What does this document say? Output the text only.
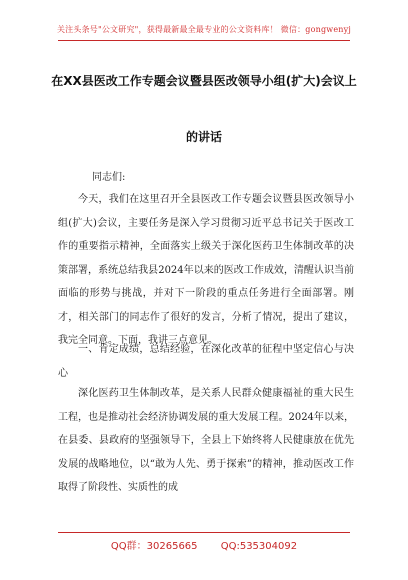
关注头条号"公文研究"，获得最新最全最专业的公文资料库！ 微信：gongwenyj
在XX县医改工作专题会议暨县医改领导小组(扩大)会议上
的讲话
同志们:
今天，我们在这里召开全县医改工作专题会议暨县医改领导小组(扩大)会议，主要任务是深入学习贯彻习近平总书记关于医改工作的重要指示精神，全面落实上级关于深化医药卫生体制改革的决策部署，系统总结我县2024年以来的医改工作成效，清醒认识当前面临的形势与挑战，并对下一阶段的重点任务进行全面部署。刚才，相关部门的同志作了很好的发言，分析了情况，提出了建议，我完全同意。下面，我讲三点意见。
一、肯定成绩，总结经验，在深化改革的征程中坚定信心与决心
深化医药卫生体制改革，是关系人民群众健康福祉的重大民生工程，也是推动社会经济协调发展的重大发展工程。2024年以来，在县委、县政府的坚强领导下，全县上下始终将人民健康放在优先发展的战略地位，以“敢为人先、勇于探索”的精神，推动医改工作取得了阶段性、实质性的成
QQ群：30265665 QQ:535304092
